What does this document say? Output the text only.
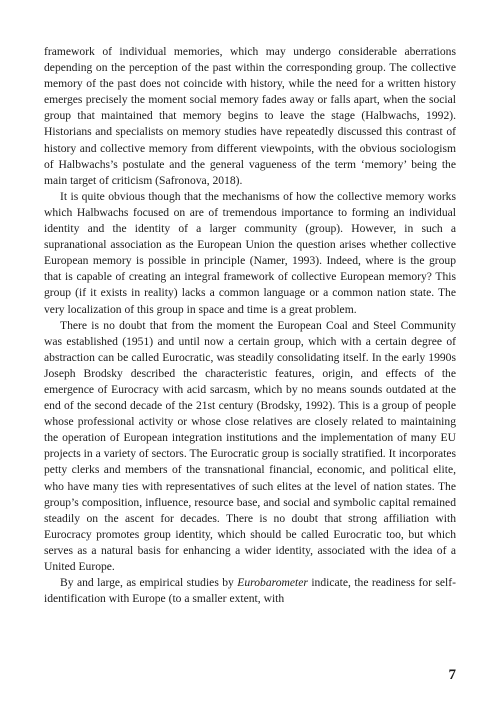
framework of individual memories, which may undergo considerable aberrations depending on the perception of the past within the corresponding group. The collective memory of the past does not coincide with history, while the need for a written history emerges precisely the moment social memory fades away or falls apart, when the social group that maintained that memory begins to leave the stage (Halbwachs, 1992). Historians and specialists on memory studies have repeatedly discussed this contrast of history and collective memory from different viewpoints, with the obvious sociologism of Halbwachs’s postulate and the general vagueness of the term ‘memory’ being the main target of criticism (Safronova, 2018).

It is quite obvious though that the mechanisms of how the collective memory works which Halbwachs focused on are of tremendous importance to forming an individual identity and the identity of a larger community (group). However, in such a supranational association as the European Union the question arises whether collective European memory is possible in principle (Namer, 1993). Indeed, where is the group that is capable of creating an integral framework of collective European memory? This group (if it exists in reality) lacks a common language or a common nation state. The very localization of this group in space and time is a great problem.

There is no doubt that from the moment the European Coal and Steel Community was established (1951) and until now a certain group, which with a certain degree of abstraction can be called Eurocratic, was steadily consolidating itself. In the early 1990s Joseph Brodsky described the characteristic features, origin, and effects of the emergence of Eurocracy with acid sarcasm, which by no means sounds outdated at the end of the second decade of the 21st century (Brodsky, 1992). This is a group of people whose professional activity or whose close relatives are closely related to maintaining the operation of European integration institutions and the implementation of many EU projects in a variety of sectors. The Eurocratic group is socially stratified. It incorporates petty clerks and members of the transnational financial, economic, and political elite, who have many ties with representatives of such elites at the level of nation states. The group’s composition, influence, resource base, and social and symbolic capital remained steadily on the ascent for decades. There is no doubt that strong affiliation with Eurocracy promotes group identity, which should be called Eurocratic too, but which serves as a natural basis for enhancing a wider identity, associated with the idea of a United Europe.

By and large, as empirical studies by Eurobarometer indicate, the readiness for self-identification with Europe (to a smaller extent, with

7
